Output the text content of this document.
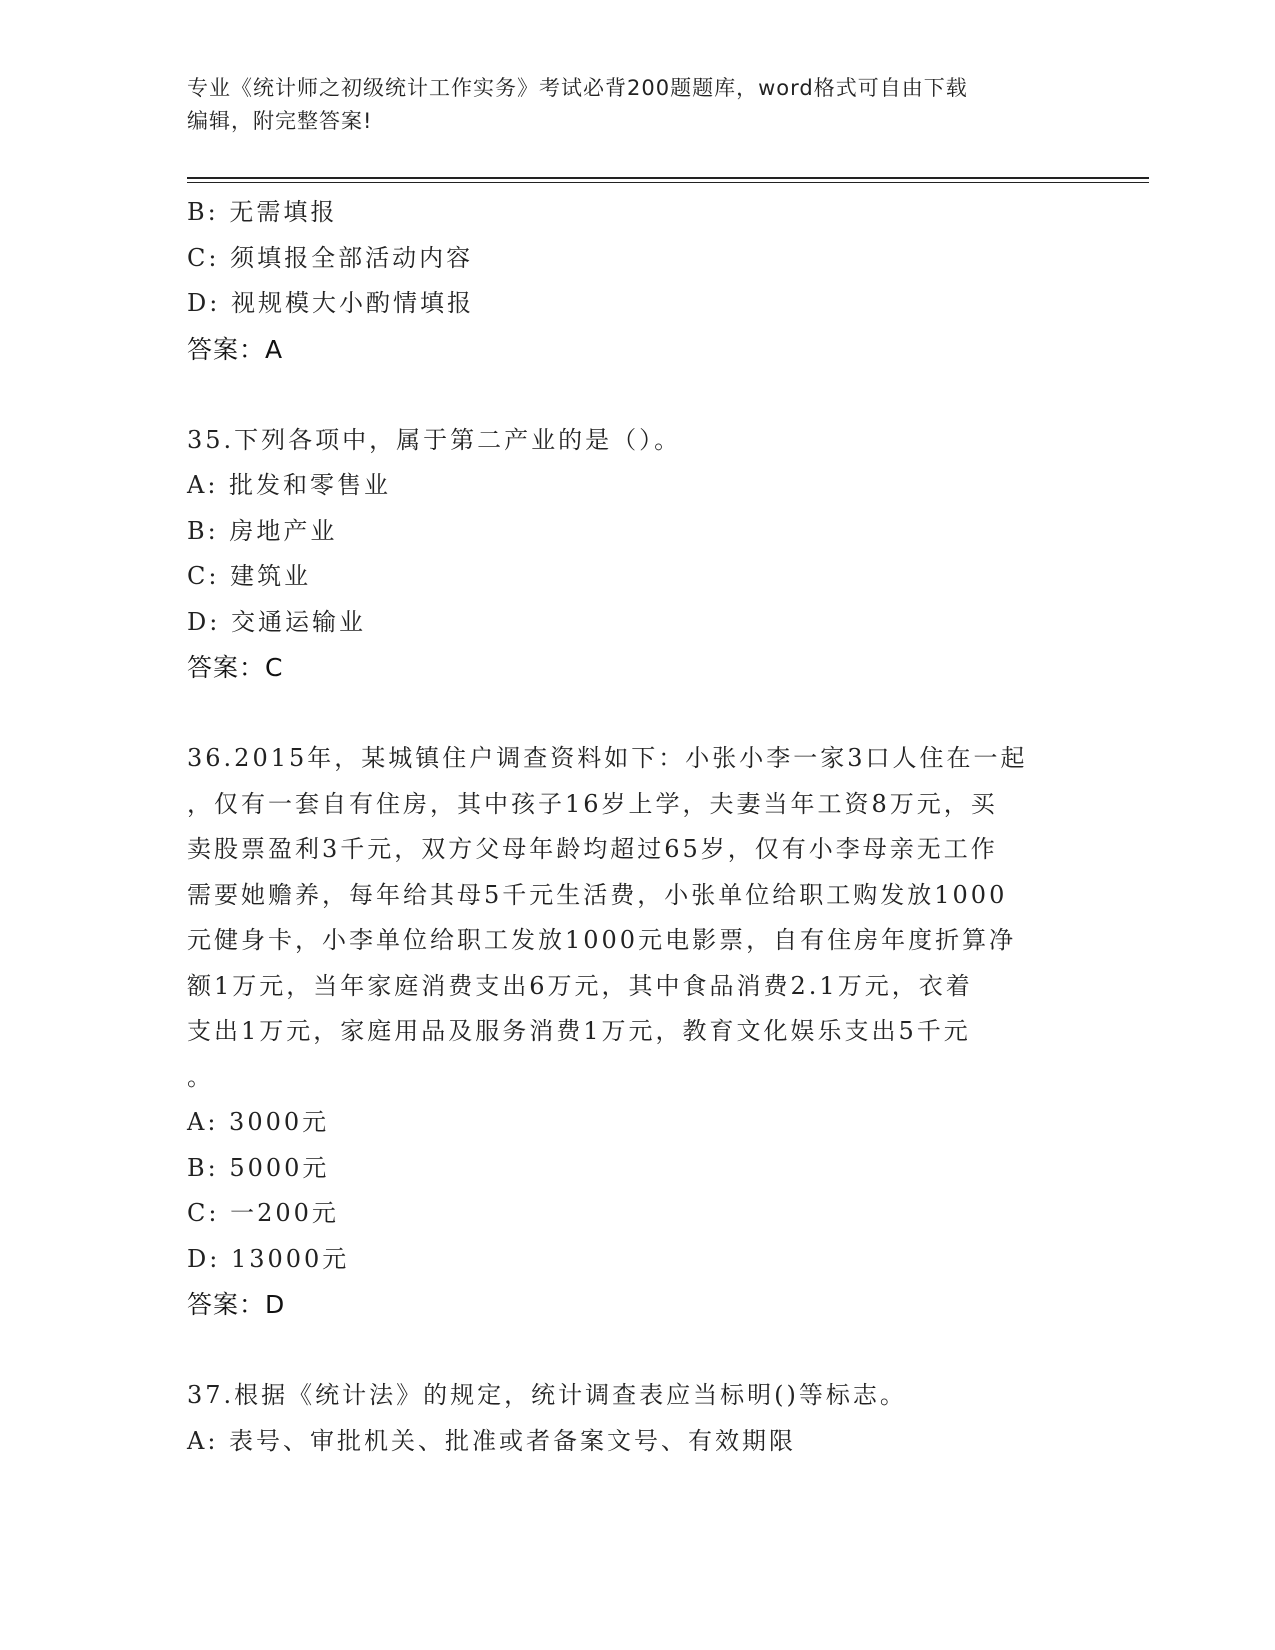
专业《统计师之初级统计工作实务》考试必背200题题库，word格式可自由下载
编辑，附完整答案!
B: 无需填报
C: 须填报全部活动内容
D: 视规模大小酌情填报
答案：A
35.下列各项中，属于第二产业的是（）。
A: 批发和零售业
B: 房地产业
C: 建筑业
D: 交通运输业
答案：C
36.2015年，某城镇住户调查资料如下：小张小李一家3口人住在一起
，仅有一套自有住房，其中孩子16岁上学，夫妻当年工资8万元，买
卖股票盈利3千元，双方父母年龄均超过65岁，仅有小李母亲无工作
需要她赡养，每年给其母5千元生活费，小张单位给职工购发放1000
元健身卡，小李单位给职工发放1000元电影票，自有住房年度折算净
额1万元，当年家庭消费支出6万元，其中食品消费2.1万元，衣着
支出1万元，家庭用品及服务消费1万元，教育文化娱乐支出5千元
。
A: 3000元
B: 5000元
C: 一200元
D: 13000元
答案：D
37.根据《统计法》的规定，统计调查表应当标明()等标志。
A: 表号、审批机关、批准或者备案文号、有效期限
